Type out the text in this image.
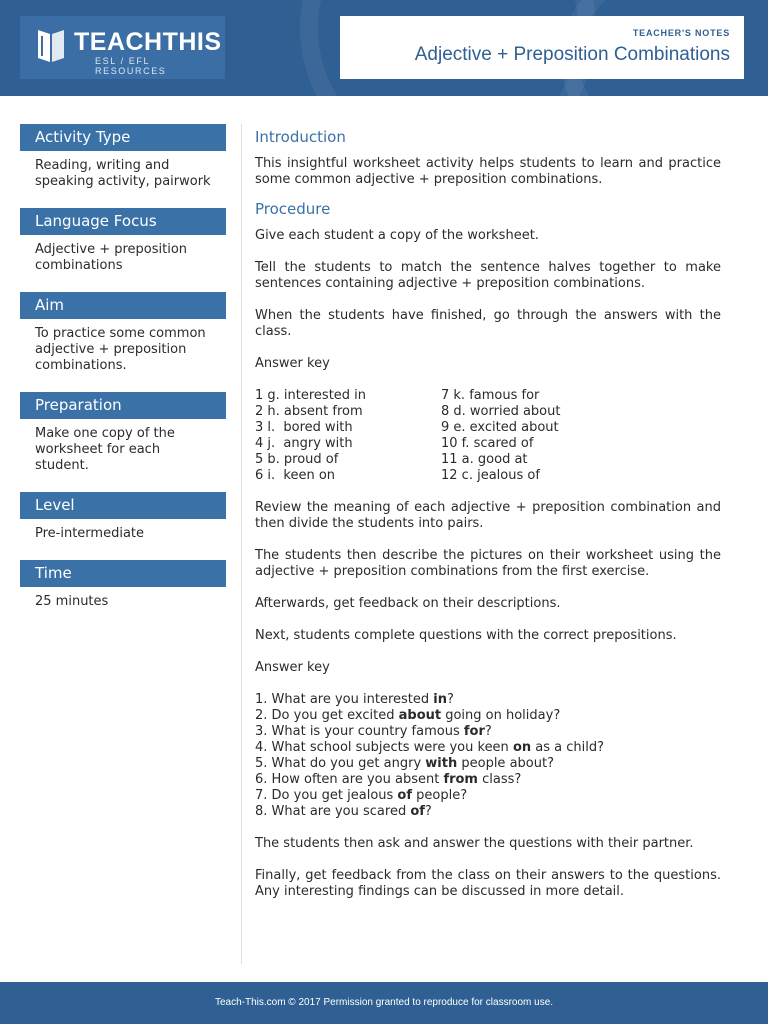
TEACHTHIS
ESL / EFL RESOURCES
TEACHER'S NOTES
Adjective + Preposition Combinations
Activity Type
Reading, writing and speaking activity, pairwork
Language Focus
Adjective + preposition combinations
Aim
To practice some common adjective + preposition combinations.
Preparation
Make one copy of the worksheet for each student.
Level
Pre-intermediate
Time
25 minutes
Introduction
This insightful worksheet activity helps students to learn and practice some common adjective + preposition combinations.
Procedure
Give each student a copy of the worksheet.
Tell the students to match the sentence halves together to make sentences containing adjective + preposition combinations.
When the students have finished, go through the answers with the class.
Answer key
1 g. interested in
2 h. absent from
3 l.  bored with
4 j.  angry with
5 b. proud of
6 i.  keen on
7 k. famous for
8 d. worried about
9 e. excited about
10 f. scared of
11 a. good at
12 c. jealous of
Review the meaning of each adjective + preposition combination and then divide the students into pairs.
The students then describe the pictures on their worksheet using the adjective + preposition combinations from the first exercise.
Afterwards, get feedback on their descriptions.
Next, students complete questions with the correct prepositions.
Answer key
1. What are you interested in?
2. Do you get excited about going on holiday?
3. What is your country famous for?
4. What school subjects were you keen on as a child?
5. What do you get angry with people about?
6. How often are you absent from class?
7. Do you get jealous of people?
8. What are you scared of?
The students then ask and answer the questions with their partner.
Finally, get feedback from the class on their answers to the questions. Any interesting findings can be discussed in more detail.
Teach-This.com © 2017 Permission granted to reproduce for classroom use.
